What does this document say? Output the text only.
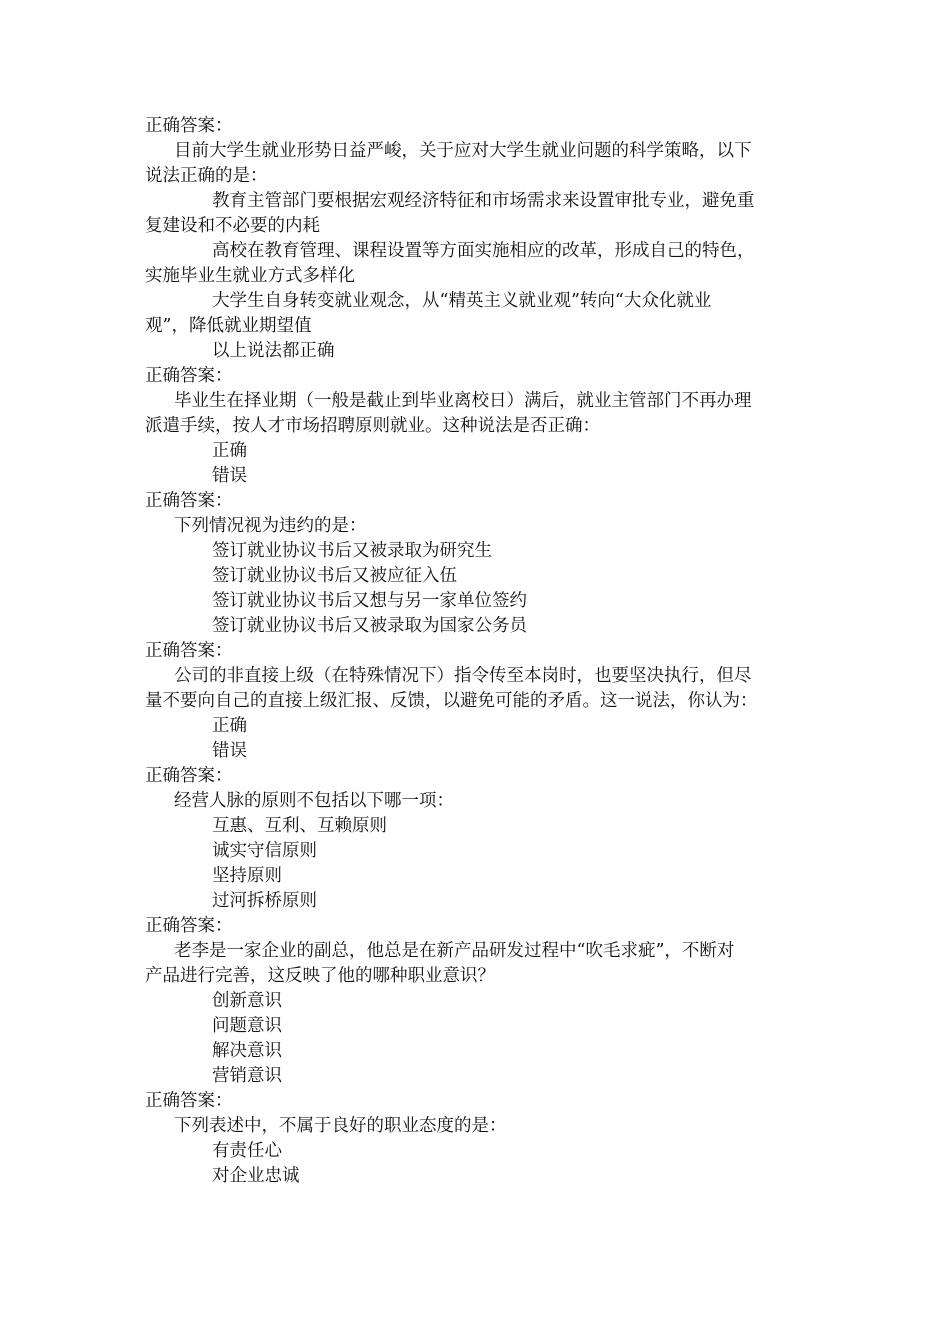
正确答案：
目前大学生就业形势日益严峻，关于应对大学生就业问题的科学策略，以下
说法正确的是：
教育主管部门要根据宏观经济特征和市场需求来设置审批专业，避免重
复建设和不必要的内耗
高校在教育管理、课程设置等方面实施相应的改革，形成自己的特色，
实施毕业生就业方式多样化
大学生自身转变就业观念，从“精英主义就业观”转向“大众化就业
观”，降低就业期望值
以上说法都正确
正确答案：
毕业生在择业期（一般是截止到毕业离校日）满后，就业主管部门不再办理
派遣手续，按人才市场招聘原则就业。这种说法是否正确：
正确
错误
正确答案：
下列情况视为违约的是：
签订就业协议书后又被录取为研究生
签订就业协议书后又被应征入伍
签订就业协议书后又想与另一家单位签约
签订就业协议书后又被录取为国家公务员
正确答案：
公司的非直接上级（在特殊情况下）指令传至本岗时，也要坚决执行，但尽
量不要向自己的直接上级汇报、反馈，以避免可能的矛盾。这一说法，你认为：
正确
错误
正确答案：
经营人脉的原则不包括以下哪一项：
互惠、互利、互赖原则
诚实守信原则
坚持原则
过河拆桥原则
正确答案：
老李是一家企业的副总，他总是在新产品研发过程中“吹毛求疵”，不断对
产品进行完善，这反映了他的哪种职业意识？
创新意识
问题意识
解决意识
营销意识
正确答案：
下列表述中，不属于良好的职业态度的是：
有责任心
对企业忠诚
